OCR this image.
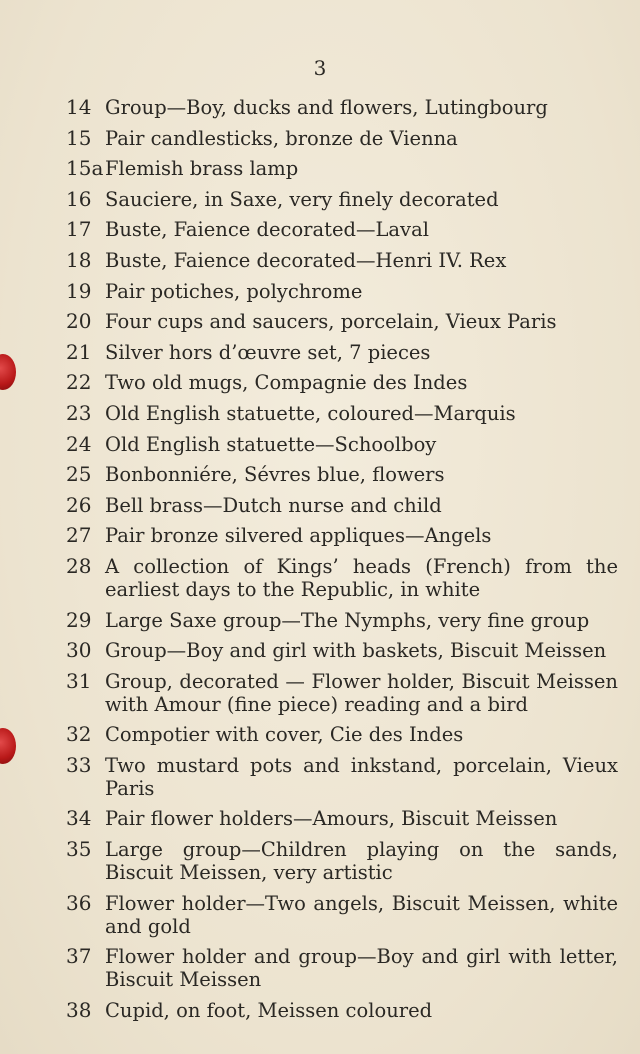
3
14 Group—Boy, ducks and flowers, Lutingbourg
15 Pair candlesticks, bronze de Vienna
15a Flemish brass lamp
16 Sauciere, in Saxe, very finely decorated
17 Buste, Faience decorated—Laval
18 Buste, Faience decorated—Henri IV. Rex
19 Pair potiches, polychrome
20 Four cups and saucers, porcelain, Vieux Paris
21 Silver hors d’œuvre set, 7 pieces
22 Two old mugs, Compagnie des Indes
23 Old English statuette, coloured—Marquis
24 Old English statuette—Schoolboy
25 Bonbonniére, Sévres blue, flowers
26 Bell brass—Dutch nurse and child
27 Pair bronze silvered appliques—Angels
28 A collection of Kings’ heads (French) from the earliest days to the Republic, in white
29 Large Saxe group—The Nymphs, very fine group
30 Group—Boy and girl with baskets, Biscuit Meissen
31 Group, decorated — Flower holder, Biscuit Meissen with Amour (fine piece) reading and a bird
32 Compotier with cover, Cie des Indes
33 Two mustard pots and inkstand, porcelain, Vieux Paris
34 Pair flower holders—Amours, Biscuit Meissen
35 Large group—Children playing on the sands, Biscuit Meissen, very artistic
36 Flower holder—Two angels, Biscuit Meissen, white and gold
37 Flower holder and group—Boy and girl with letter, Biscuit Meissen
38 Cupid, on foot, Meissen coloured
